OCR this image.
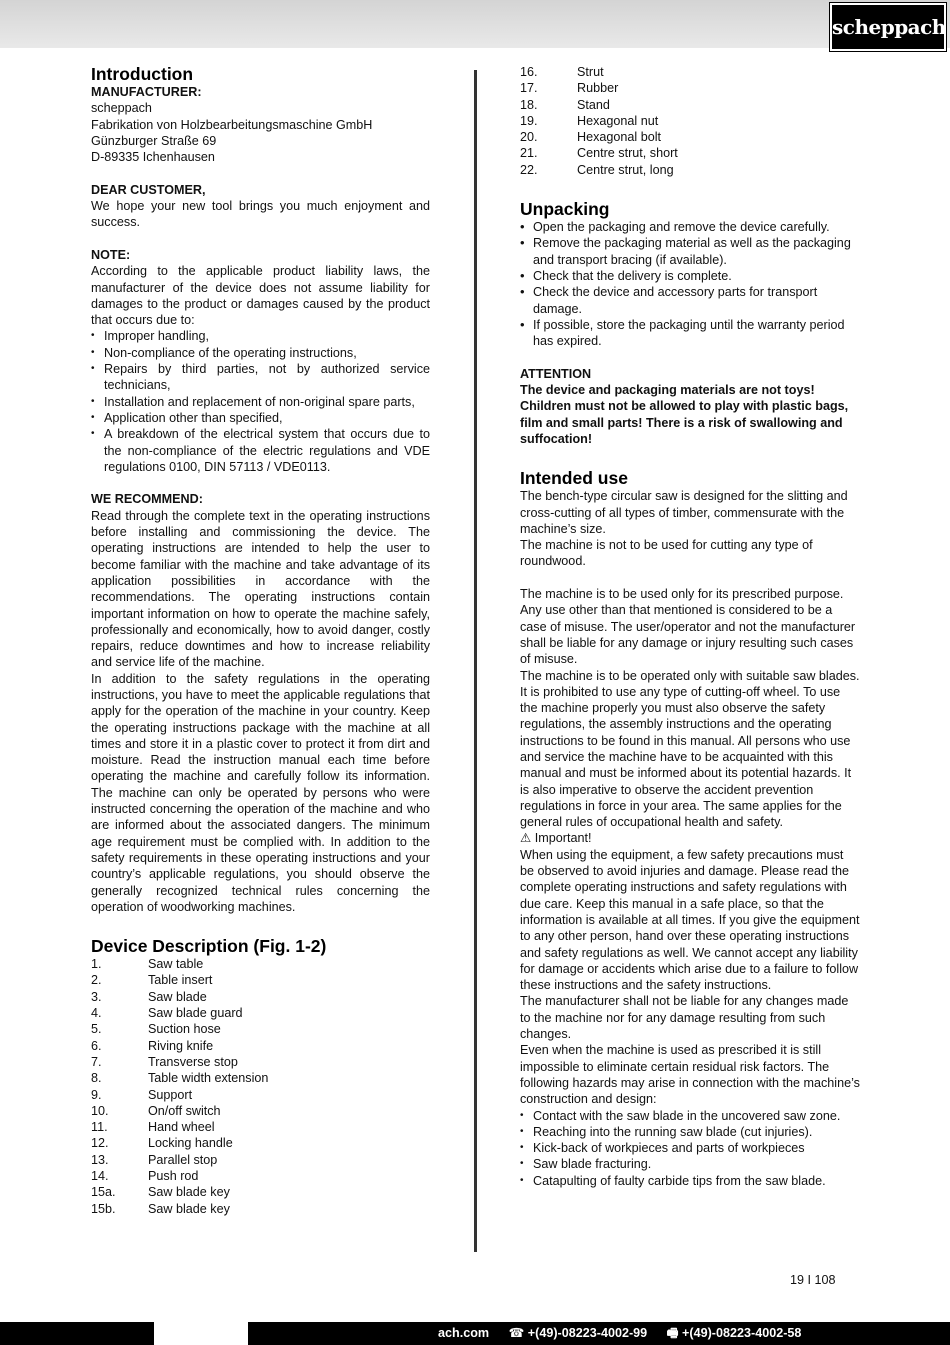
scheppach
Introduction

MANUFACTURER:

scheppach

Fabrikation von Holzbearbeitungsmaschine GmbH

Günzburger Straße 69

D-89335 Ichenhausen

DEAR CUSTOMER,

We hope your new tool brings you much enjoyment and success.

NOTE:

According to the applicable product liability laws, the manufacturer of the device does not assume liability for damages to the product or damages caused by the product that occurs due to:

• Improper handling,
• Non-compliance of the operating instructions,
• Repairs by third parties, not by authorized service technicians,
• Installation and replacement of non-original spare parts,
• Application other than specified,
• A breakdown of the electrical system that occurs due to the non-compliance of the electric regulations and VDE regulations 0100, DIN 57113 / VDE0113.

WE RECOMMEND:

Read through the complete text in the operating instructions before installing and commissioning the device. The operating instructions are intended to help the user to become familiar with the machine and take advantage of its application possibilities in accordance with the recommendations. The operating instructions contain important information on how to operate the machine safely, professionally and economically, how to avoid danger, costly repairs, reduce downtimes and how to increase reliability and service life of the machine.

In addition to the safety regulations in the operating instructions, you have to meet the applicable regulations that apply for the operation of the machine in your country. Keep the operating instructions package with the machine at all times and store it in a plastic cover to protect it from dirt and moisture. Read the instruction manual each time before operating the machine and carefully follow its information. The machine can only be operated by persons who were instructed concerning the operation of the machine and who are informed about the associated dangers. The minimum age requirement must be complied with. In addition to the safety requirements in these operating instructions and your country’s applicable regulations, you should observe the generally recognized technical rules concerning the operation of woodworking machines.

Device Description (Fig. 1-2)
1.	Saw table
2.	Table insert
3.	Saw blade
4.	Saw blade guard
5.	Suction hose
6.	Riving knife
7.	Transverse stop
8.	Table width extension
9.	Support
10.	On/off switch
11.	Hand wheel
12.	Locking handle
13.	Parallel stop
14.	Push rod
15a.	Saw blade key
15b.	Saw blade key
16.	Strut
17.	Rubber
18.	Stand
19.	Hexagonal nut
20.	Hexagonal bolt
21.	Centre strut, short
22.	Centre strut, long
Unpacking
• Open the packaging and remove the device carefully.
• Remove the packaging material as well as the packaging and transport bracing (if available).
• Check that the delivery is complete.
• Check the device and accessory parts for transport damage.
• If possible, store the packaging until the warranty period has expired.

ATTENTION

The device and packaging materials are not toys! Children must not be allowed to play with plastic bags, film and small parts! There is a risk of swallowing and suffocation!

Intended use

The bench-type circular saw is designed for the slitting and cross-cutting of all types of timber, commensurate with the machine’s size.

The machine is not to be used for cutting any type of roundwood.

The machine is to be used only for its prescribed purpose. Any use other than that mentioned is considered to be a case of misuse. The user/operator and not the manufacturer shall be liable for any damage or injury resulting such cases of misuse.

The machine is to be operated only with suitable saw blades. It is prohibited to use any type of cutting-off wheel. To use the machine properly you must also observe the safety regulations, the assembly instructions and the operating instructions to be found in this manual. All persons who use and service the machine have to be acquainted with this manual and must be informed about its potential hazards. It is also imperative to observe the accident prevention regulations in force in your area. The same applies for the general rules of occupational health and safety.

⚠ Important!

When using the equipment, a few safety precautions must be observed to avoid injuries and damage. Please read the complete operating instructions and safety regulations with due care. Keep this manual in a safe place, so that the information is available at all times. If you give the equipment to any other person, hand over these operating instructions and safety regulations as well. We cannot accept any liability for damage or accidents which arise due to a failure to follow these instructions and the safety instructions.

The manufacturer shall not be liable for any changes made to the machine nor for any damage resulting from such changes.

Even when the machine is used as prescribed it is still impossible to eliminate certain residual risk factors. The following hazards may arise in connection with the machine’s construction and design:

• Contact with the saw blade in the uncovered saw zone.
• Reaching into the running saw blade (cut injuries).
• Kick-back of workpieces and parts of workpieces
• Saw blade fracturing.
• Catapulting of faulty carbide tips from the saw blade.
19 I 108
ach.com ☎ +(49)-08223-4002-99 🖷 +(49)-08223-4002-58
